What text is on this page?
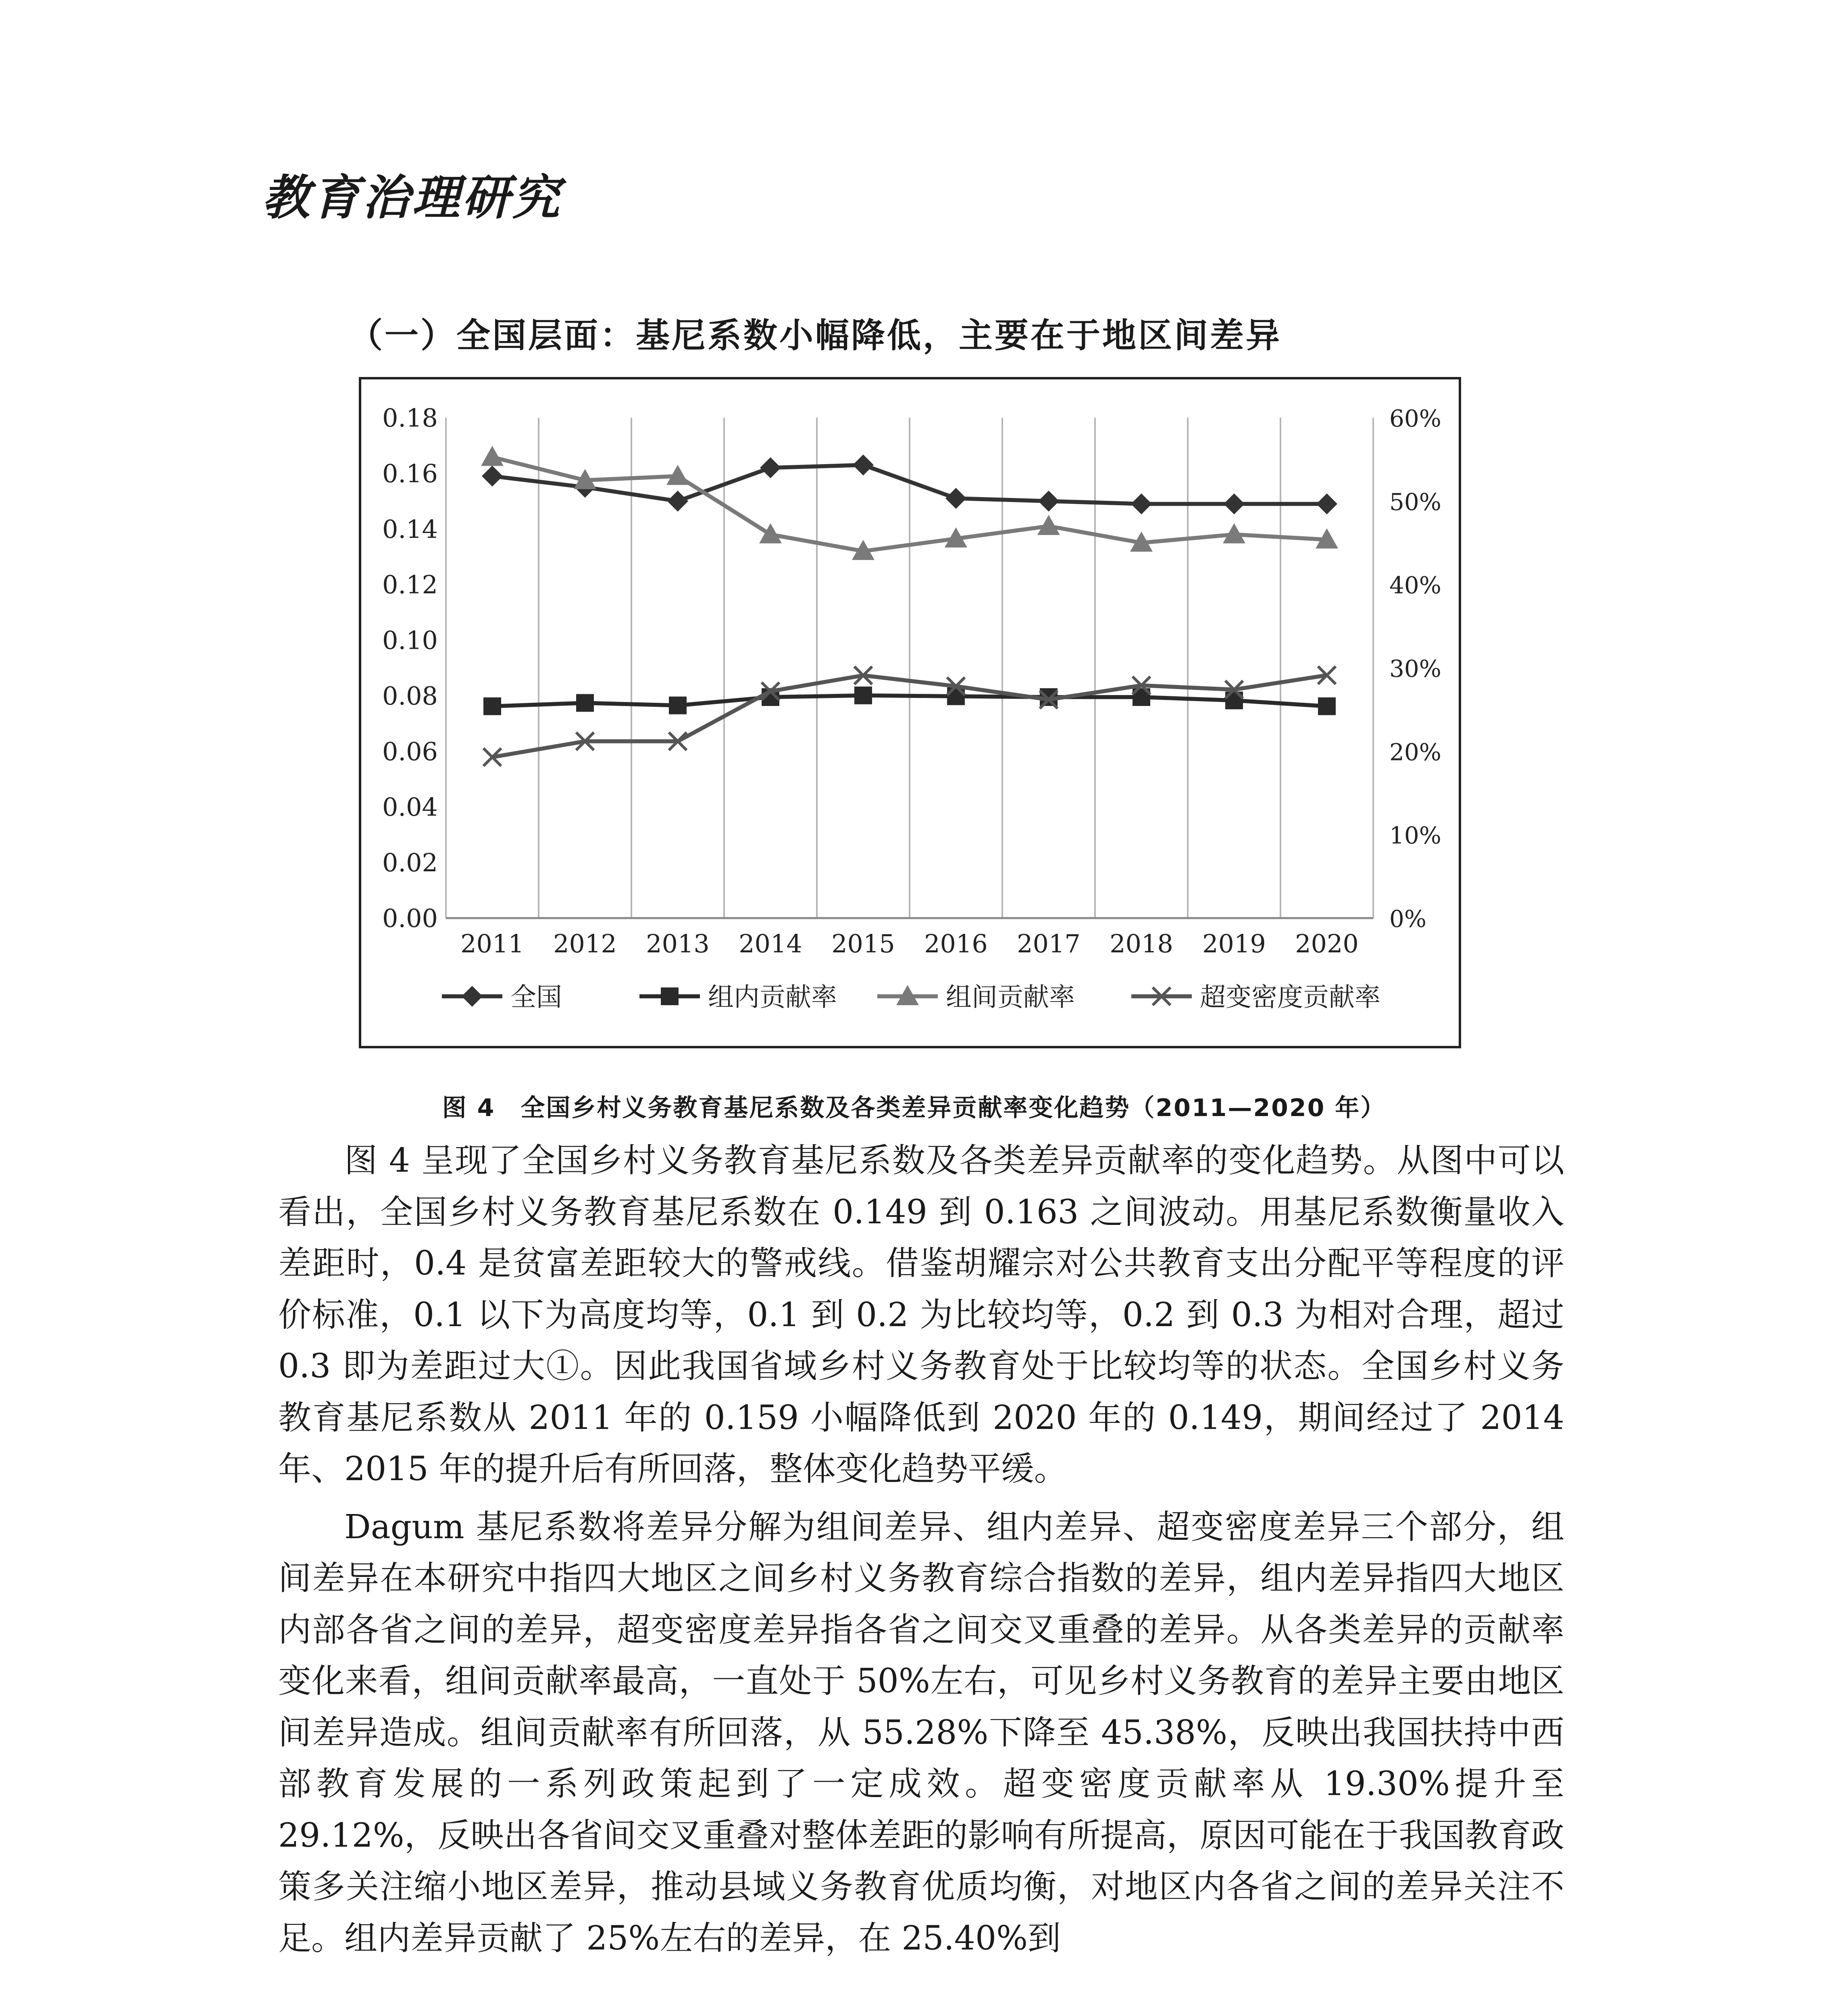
教育治理研究
（一）全国层面：基尼系数小幅降低，主要在于地区间差异
0.00
0.02
0.04
0.06
0.08
0.10
0.12
0.14
0.16
0.18
0%
10%
20%
30%
40%
50%
60%
2011 2012 2013 2014 2015 2016 2017 2018 2019 2020
全国	组内贡献率	组间贡献率	超变密度贡献率
图 4　全国乡村义务教育基尼系数及各类差异贡献率变化趋势（2011—2020 年）

图 4 呈现了全国乡村义务教育基尼系数及各类差异贡献率的变化趋势。从图中可以看出，全国乡村义务教育基尼系数在 0.149 到 0.163 之间波动。用基尼系数衡量收入差距时，0.4 是贫富差距较大的警戒线。借鉴胡耀宗对公共教育支出分配平等程度的评价标准，0.1 以下为高度均等，0.1 到 0.2 为比较均等，0.2 到 0.3 为相对合理，超过 0.3 即为差距过大①。因此我国省域乡村义务教育处于比较均等的状态。全国乡村义务教育基尼系数从 2011 年的 0.159 小幅降低到 2020 年的 0.149，期间经过了 2014 年、2015 年的提升后有所回落，整体变化趋势平缓。

Dagum 基尼系数将差异分解为组间差异、组内差异、超变密度差异三个部分，组间差异在本研究中指四大地区之间乡村义务教育综合指数的差异，组内差异指四大地区内部各省之间的差异，超变密度差异指各省之间交叉重叠的差异。从各类差异的贡献率变化来看，组间贡献率最高，一直处于 50%左右，可见乡村义务教育的差异主要由地区间差异造成。组间贡献率有所回落，从 55.28%下降至 45.38%，反映出我国扶持中西部教育发展的一系列政策起到了一定成效。超变密度贡献率从 19.30%提升至 29.12%，反映出各省间交叉重叠对整体差距的影响有所提高，原因可能在于我国教育政策多关注缩小地区差异，推动县域义务教育优质均衡，对地区内各省之间的差异关注不足。组内差异贡献了 25%左右的差异，在 25.40%到
